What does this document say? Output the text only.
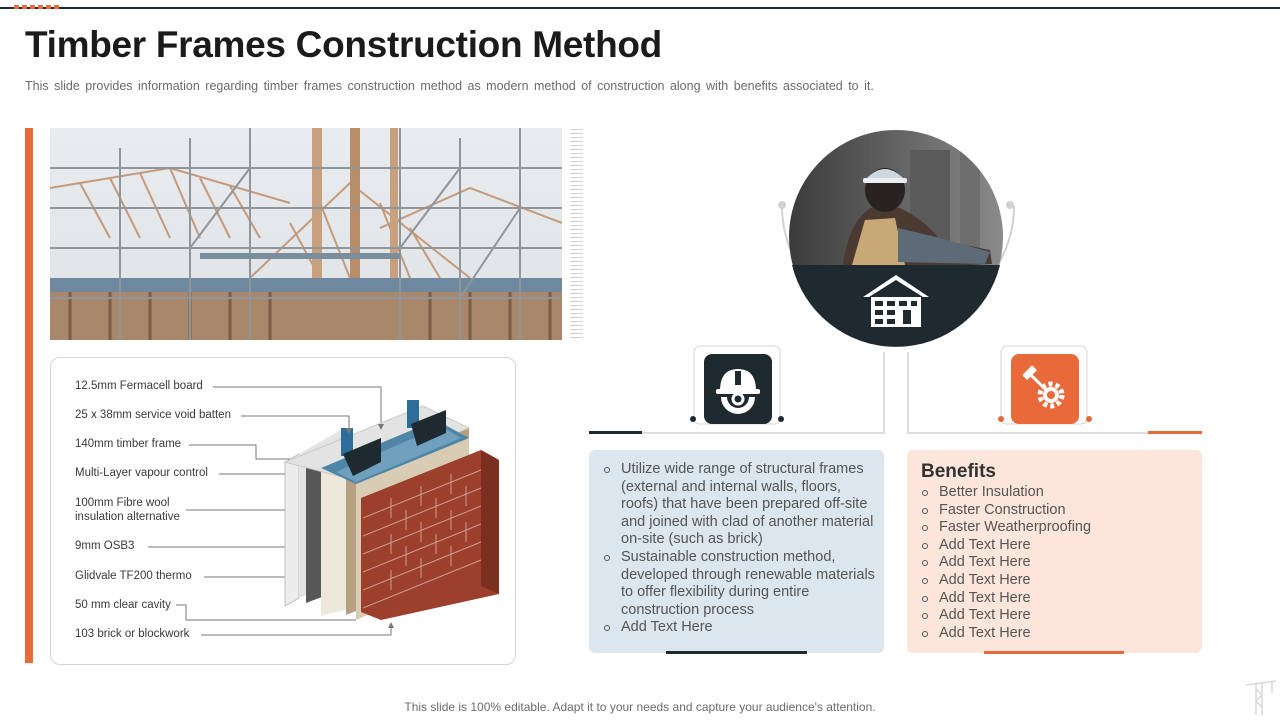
Timber Frames Construction Method
This slide provides information regarding timber frames construction method as modern method of construction along with benefits associated to it.
12.5mm Fermacell board
25 x 38mm service void batten
140mm timber frame
Multi-Layer vapour control
100mm Fibre wool
insulation alternative
9mm OSB3
Glidvale TF200 thermo
50 mm clear cavity
103 brick or blockwork
Utilize wide range of structural frames (external and internal walls, floors, roofs) that have been prepared off-site and joined with clad of another material on-site (such as brick)
Sustainable construction method, developed through renewable materials to offer flexibility during entire construction process
Add Text Here
Benefits
Better Insulation
Faster Construction
Faster Weatherproofing
Add Text Here
Add Text Here
Add Text Here
Add Text Here
Add Text Here
Add Text Here
This slide is 100% editable. Adapt it to your needs and capture your audience's attention.
